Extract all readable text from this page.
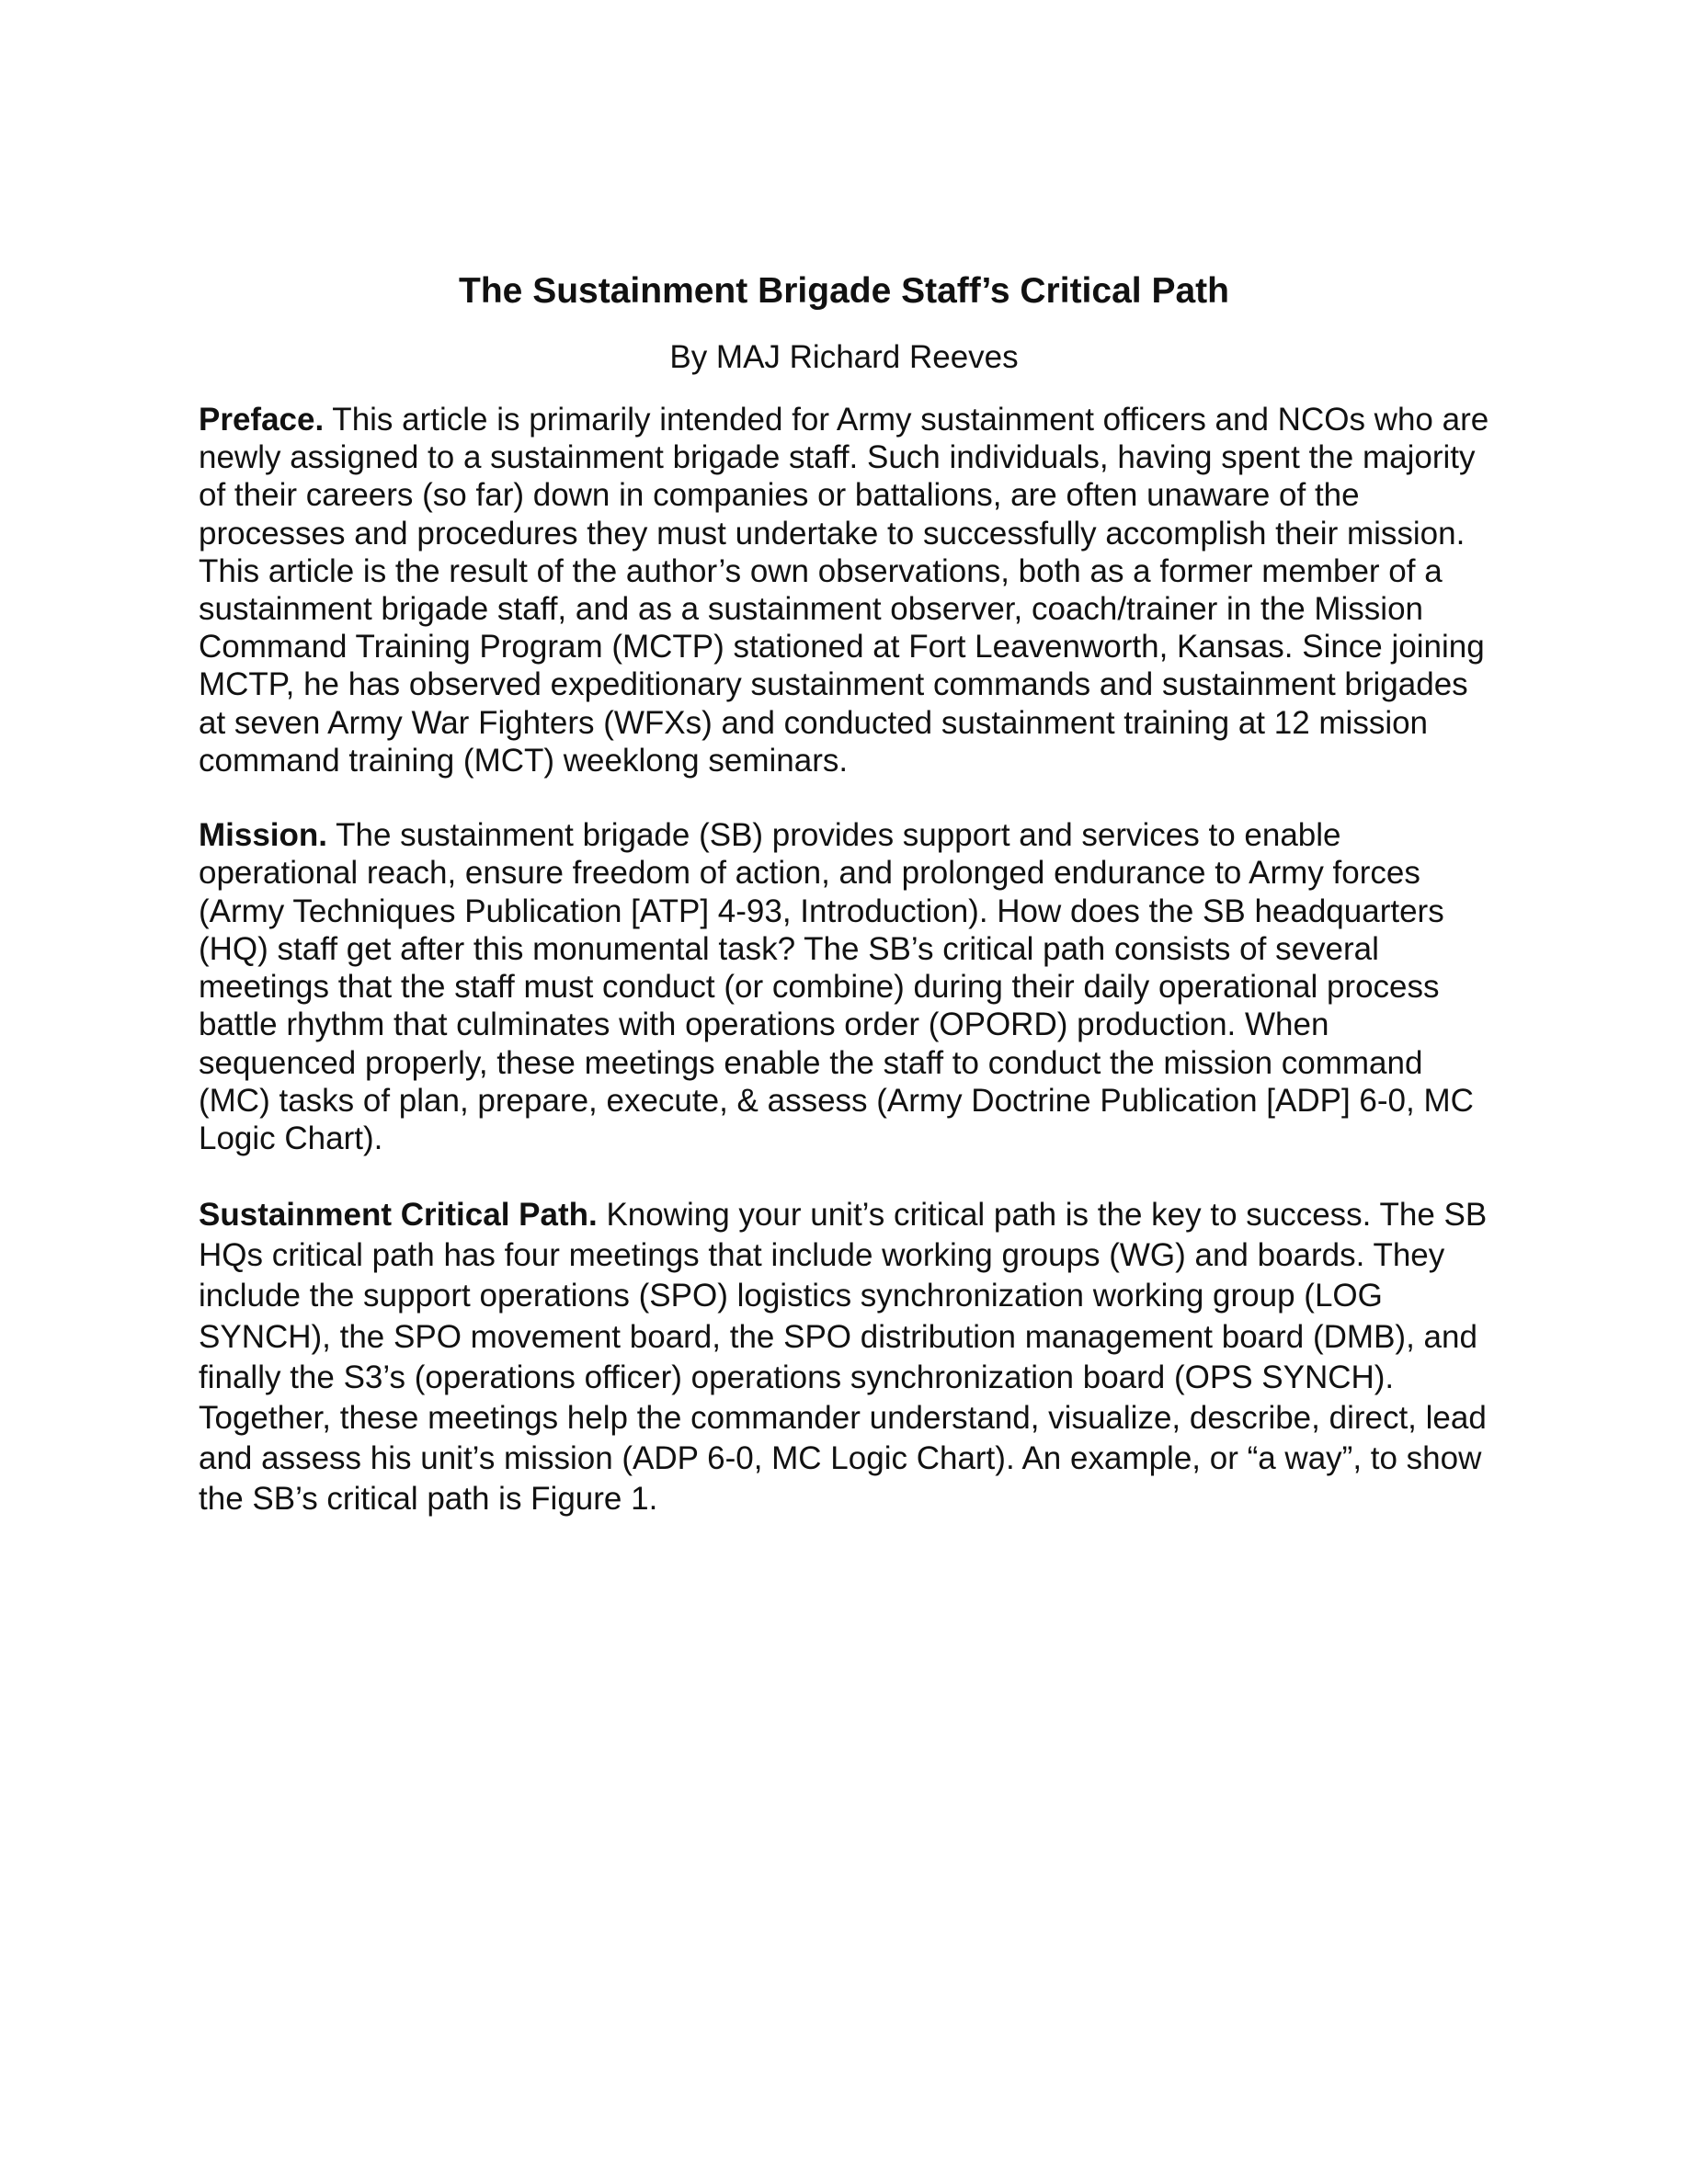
The Sustainment Brigade Staff’s Critical Path
By MAJ Richard Reeves

Preface. This article is primarily intended for Army sustainment officers and NCOs who are newly assigned to a sustainment brigade staff. Such individuals, having spent the majority of their careers (so far) down in companies or battalions, are often unaware of the processes and procedures they must undertake to successfully accomplish their mission. This article is the result of the author’s own observations, both as a former member of a sustainment brigade staff, and as a sustainment observer, coach/trainer in the Mission Command Training Program (MCTP) stationed at Fort Leavenworth, Kansas. Since joining MCTP, he has observed expeditionary sustainment commands and sustainment brigades at seven Army War Fighters (WFXs) and conducted sustainment training at 12 mission command training (MCT) weeklong seminars.

Mission. The sustainment brigade (SB) provides support and services to enable operational reach, ensure freedom of action, and prolonged endurance to Army forces (Army Techniques Publication [ATP] 4-93, Introduction). How does the SB headquarters (HQ) staff get after this monumental task? The SB’s critical path consists of several meetings that the staff must conduct (or combine) during their daily operational process battle rhythm that culminates with operations order (OPORD) production. When sequenced properly, these meetings enable the staff to conduct the mission command (MC) tasks of plan, prepare, execute, & assess (Army Doctrine Publication [ADP] 6-0, MC Logic Chart).

Sustainment Critical Path. Knowing your unit’s critical path is the key to success. The SB HQs critical path has four meetings that include working groups (WG) and boards. They include the support operations (SPO) logistics synchronization working group (LOG SYNCH), the SPO movement board, the SPO distribution management board (DMB), and finally the S3’s (operations officer) operations synchronization board (OPS SYNCH). Together, these meetings help the commander understand, visualize, describe, direct, lead and assess his unit’s mission (ADP 6-0, MC Logic Chart). An example, or “a way”, to show the SB’s critical path is Figure 1.
